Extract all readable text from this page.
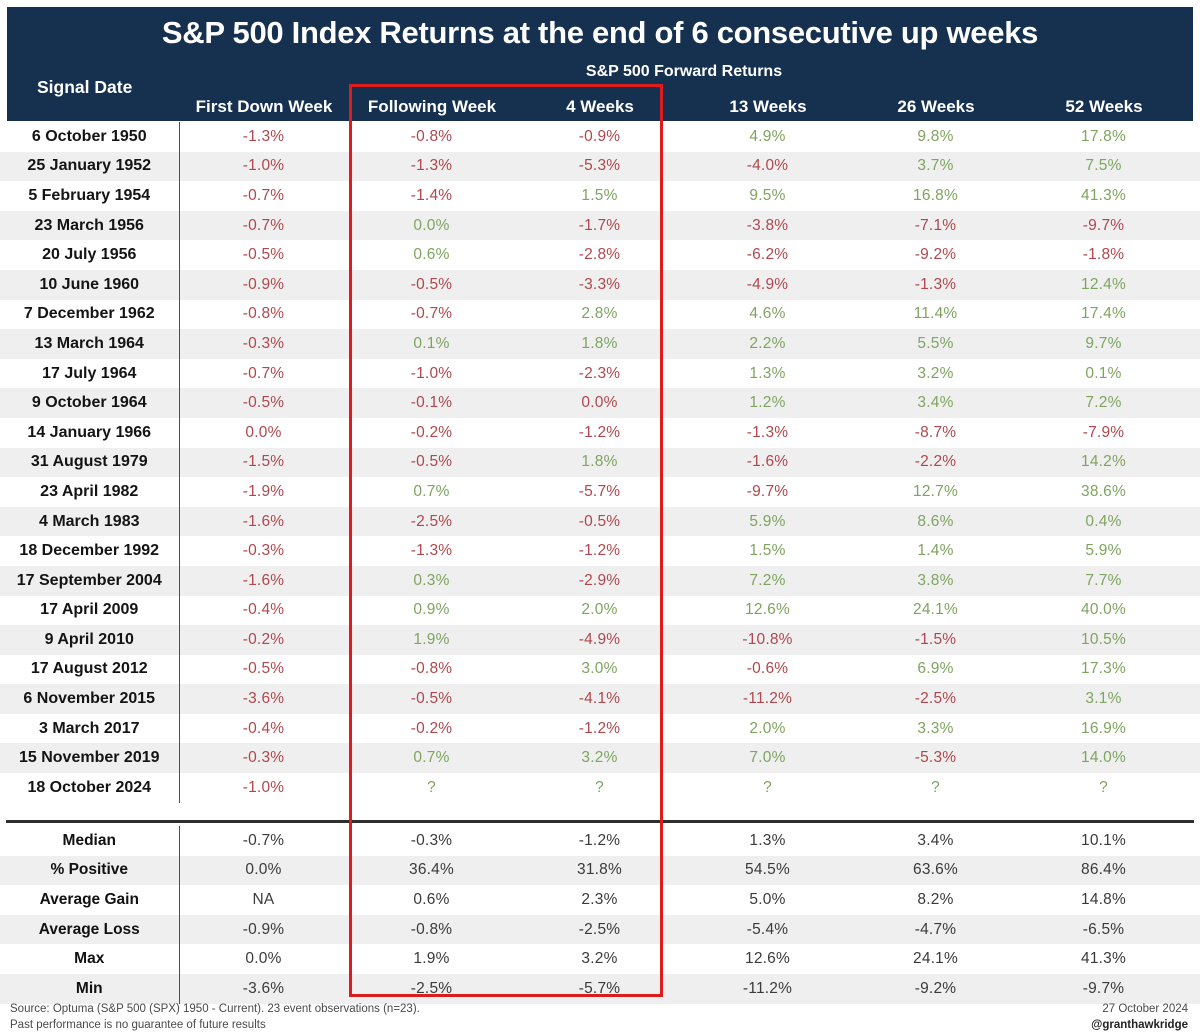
S&P 500 Index Returns at the end of 6 consecutive up weeks
S&P 500 Forward Returns
Signal Date
First Down Week	Following Week	4 Weeks	13 Weeks	26 Weeks	52 Weeks
6 October 1950	-1.3%	-0.8%	-0.9%	4.9%	9.8%	17.8%
25 January 1952	-1.0%	-1.3%	-5.3%	-4.0%	3.7%	7.5%
5 February 1954	-0.7%	-1.4%	1.5%	9.5%	16.8%	41.3%
23 March 1956	-0.7%	0.0%	-1.7%	-3.8%	-7.1%	-9.7%
20 July 1956	-0.5%	0.6%	-2.8%	-6.2%	-9.2%	-1.8%
10 June 1960	-0.9%	-0.5%	-3.3%	-4.9%	-1.3%	12.4%
7 December 1962	-0.8%	-0.7%	2.8%	4.6%	11.4%	17.4%
13 March 1964	-0.3%	0.1%	1.8%	2.2%	5.5%	9.7%
17 July 1964	-0.7%	-1.0%	-2.3%	1.3%	3.2%	0.1%
9 October 1964	-0.5%	-0.1%	0.0%	1.2%	3.4%	7.2%
14 January 1966	0.0%	-0.2%	-1.2%	-1.3%	-8.7%	-7.9%
31 August 1979	-1.5%	-0.5%	1.8%	-1.6%	-2.2%	14.2%
23 April 1982	-1.9%	0.7%	-5.7%	-9.7%	12.7%	38.6%
4 March 1983	-1.6%	-2.5%	-0.5%	5.9%	8.6%	0.4%
18 December 1992	-0.3%	-1.3%	-1.2%	1.5%	1.4%	5.9%
17 September 2004	-1.6%	0.3%	-2.9%	7.2%	3.8%	7.7%
17 April 2009	-0.4%	0.9%	2.0%	12.6%	24.1%	40.0%
9 April 2010	-0.2%	1.9%	-4.9%	-10.8%	-1.5%	10.5%
17 August 2012	-0.5%	-0.8%	3.0%	-0.6%	6.9%	17.3%
6 November 2015	-3.6%	-0.5%	-4.1%	-11.2%	-2.5%	3.1%
3 March 2017	-0.4%	-0.2%	-1.2%	2.0%	3.3%	16.9%
15 November 2019	-0.3%	0.7%	3.2%	7.0%	-5.3%	14.0%
18 October 2024	-1.0%	?	?	?	?	?
Median	-0.7%	-0.3%	-1.2%	1.3%	3.4%	10.1%
% Positive	0.0%	36.4%	31.8%	54.5%	63.6%	86.4%
Average Gain	NA	0.6%	2.3%	5.0%	8.2%	14.8%
Average Loss	-0.9%	-0.8%	-2.5%	-5.4%	-4.7%	-6.5%
Max	0.0%	1.9%	3.2%	12.6%	24.1%	41.3%
Min	-3.6%	-2.5%	-5.7%	-11.2%	-9.2%	-9.7%
Source: Optuma (S&P 500 (SPX) 1950 - Current). 23 event observations (n=23).	27 October 2024
Past performance is no guarantee of future results	@granthawkridge
